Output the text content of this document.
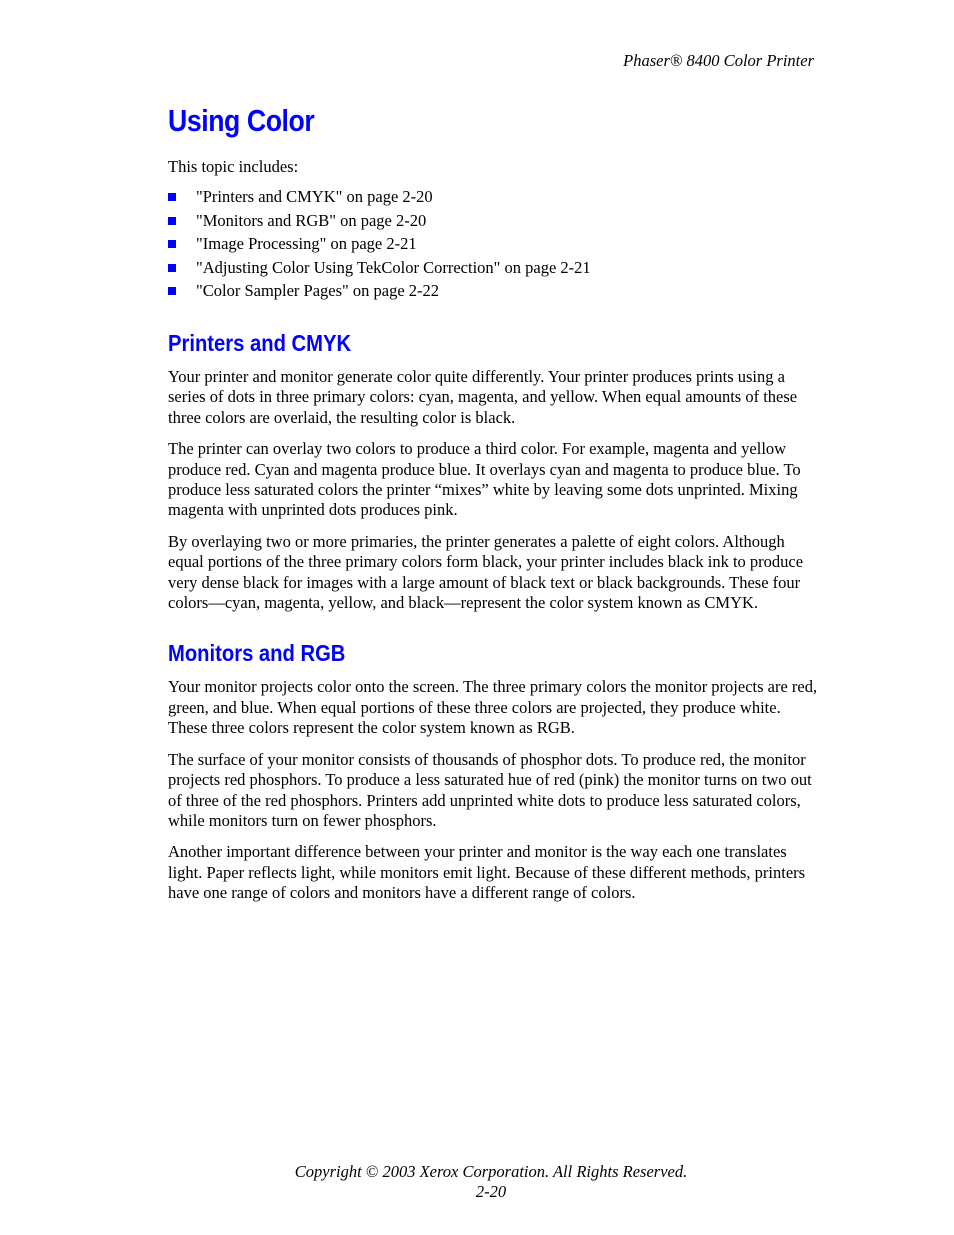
Phaser® 8400 Color Printer
Using Color

This topic includes:

"Printers and CMYK" on page 2-20
"Monitors and RGB" on page 2-20
"Image Processing" on page 2-21
"Adjusting Color Using TekColor Correction" on page 2-21
"Color Sampler Pages" on page 2-22
Printers and CMYK

Your printer and monitor generate color quite differently. Your printer produces prints using a series of dots in three primary colors: cyan, magenta, and yellow. When equal amounts of these three colors are overlaid, the resulting color is black.

The printer can overlay two colors to produce a third color. For example, magenta and yellow produce red. Cyan and magenta produce blue. It overlays cyan and magenta to produce blue. To produce less saturated colors the printer “mixes” white by leaving some dots unprinted. Mixing magenta with unprinted dots produces pink.

By overlaying two or more primaries, the printer generates a palette of eight colors. Although equal portions of the three primary colors form black, your printer includes black ink to produce very dense black for images with a large amount of black text or black backgrounds. These four colors—cyan, magenta, yellow, and black—represent the color system known as CMYK.

Monitors and RGB

Your monitor projects color onto the screen. The three primary colors the monitor projects are red, green, and blue. When equal portions of these three colors are projected, they produce white. These three colors represent the color system known as RGB.

The surface of your monitor consists of thousands of phosphor dots. To produce red, the monitor projects red phosphors. To produce a less saturated hue of red (pink) the monitor turns on two out of three of the red phosphors. Printers add unprinted white dots to produce less saturated colors, while monitors turn on fewer phosphors.

Another important difference between your printer and monitor is the way each one translates light. Paper reflects light, while monitors emit light. Because of these different methods, printers have one range of colors and monitors have a different range of colors.

Copyright © 2003 Xerox Corporation. All Rights Reserved.
2-20
